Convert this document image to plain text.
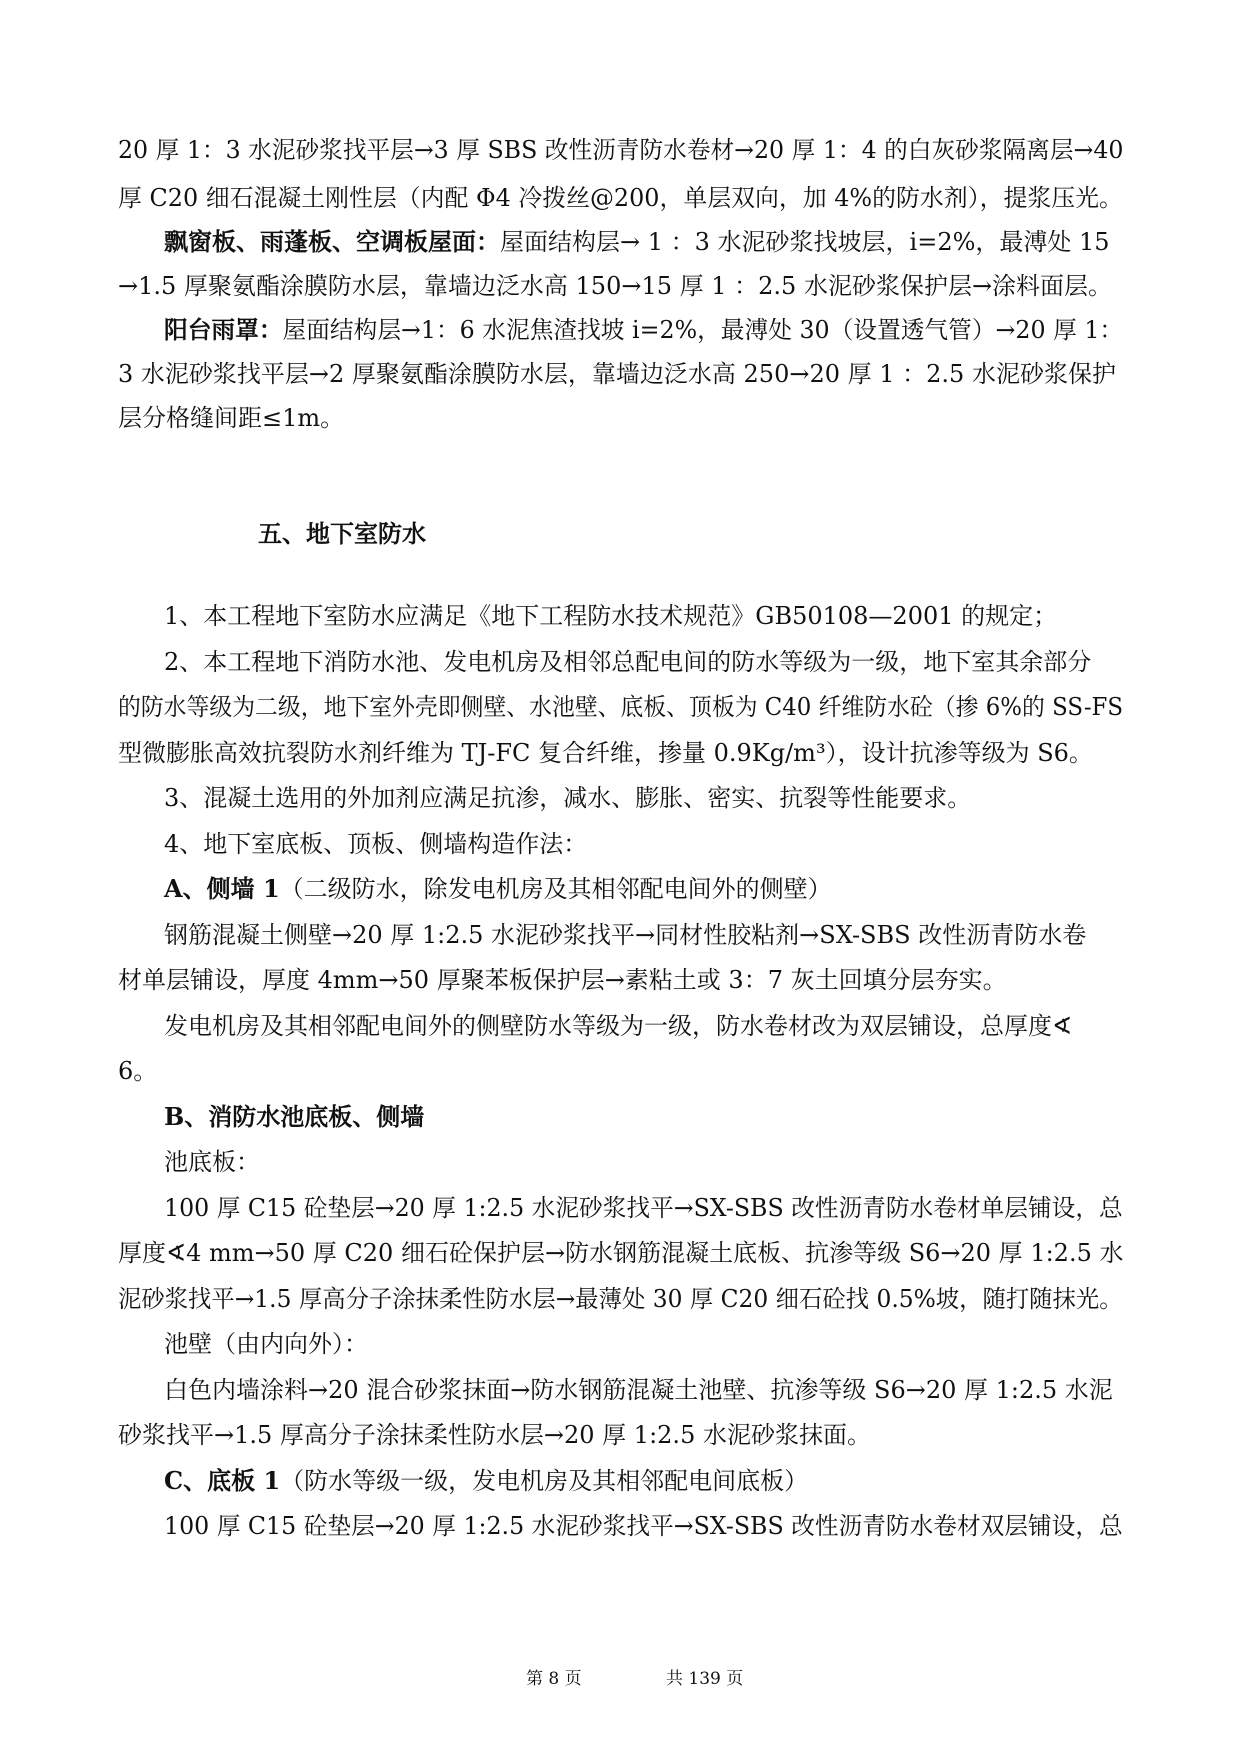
20 厚 1：3 水泥砂浆找平层→3 厚 SBS 改性沥青防水卷材→20 厚 1：4 的白灰砂浆隔离层→40
厚 C20 细石混凝土刚性层（内配 Φ4 冷拨丝@200，单层双向，加 4%的防水剂），提浆压光。
飘窗板、雨蓬板、空调板屋面：屋面结构层→ 1 ：3 水泥砂浆找坡层，i=2%，最溥处 15
→1.5 厚聚氨酯涂膜防水层，靠墙边泛水高 150→15 厚 1 ：2.5 水泥砂浆保护层→涂料面层。
阳台雨罩：屋面结构层→1：6 水泥焦渣找坡 i=2%，最溥处 30（设置透气管）→20 厚 1：
3 水泥砂浆找平层→2 厚聚氨酯涂膜防水层，靠墙边泛水高 250→20 厚 1 ：2.5 水泥砂浆保护
层分格缝间距≤1m。
五、地下室防水
1、本工程地下室防水应满足《地下工程防水技术规范》GB50108—2001 的规定；
2、本工程地下消防水池、发电机房及相邻总配电间的防水等级为一级，地下室其余部分
的防水等级为二级，地下室外壳即侧壁、水池壁、底板、顶板为 C40 纤维防水砼（掺 6%的 SS-FS
型微膨胀高效抗裂防水剂纤维为 TJ-FC 复合纤维，掺量 0.9Kg/m³），设计抗渗等级为 S6。
3、混凝土选用的外加剂应满足抗渗，减水、膨胀、密实、抗裂等性能要求。
4、地下室底板、顶板、侧墙构造作法：
A、侧墙 1（二级防水，除发电机房及其相邻配电间外的侧壁）
钢筋混凝土侧壁→20 厚 1:2.5 水泥砂浆找平→同材性胶粘剂→SX-SBS 改性沥青防水卷
材单层铺设，厚度 4mm→50 厚聚苯板保护层→素粘土或 3：7 灰土回填分层夯实。
发电机房及其相邻配电间外的侧壁防水等级为一级，防水卷材改为双层铺设，总厚度∢
6。
B、消防水池底板、侧墙
池底板：
100 厚 C15 砼垫层→20 厚 1:2.5 水泥砂浆找平→SX-SBS 改性沥青防水卷材单层铺设，总
厚度∢4 mm→50 厚 C20 细石砼保护层→防水钢筋混凝土底板、抗渗等级 S6→20 厚 1:2.5 水
泥砂浆找平→1.5 厚高分子涂抹柔性防水层→最薄处 30 厚 C20 细石砼找 0.5%坡，随打随抹光。
池壁（由内向外）：
白色内墙涂料→20 混合砂浆抹面→防水钢筋混凝土池壁、抗渗等级 S6→20 厚 1:2.5 水泥
砂浆找平→1.5 厚高分子涂抹柔性防水层→20 厚 1:2.5 水泥砂浆抹面。
C、底板 1（防水等级一级，发电机房及其相邻配电间底板）
100 厚 C15 砼垫层→20 厚 1:2.5 水泥砂浆找平→SX-SBS 改性沥青防水卷材双层铺设，总
第 8 页	共 139 页
